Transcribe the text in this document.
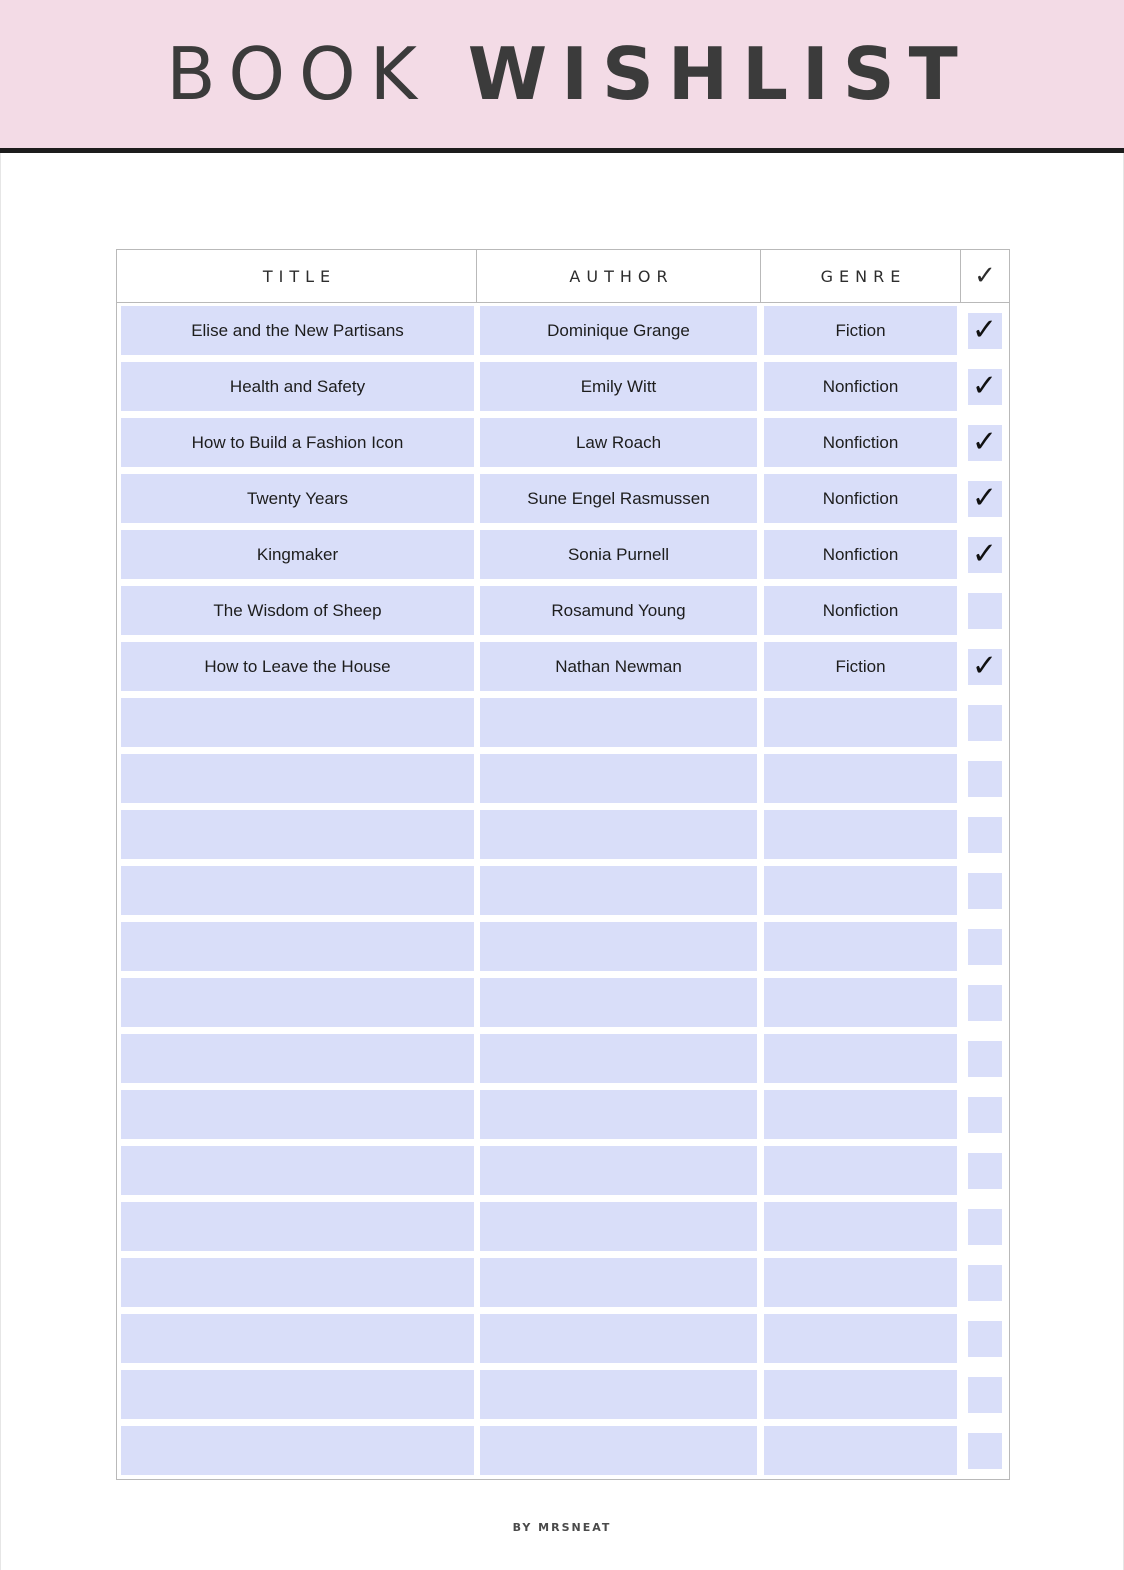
BOOK WISHLIST
TITLE	AUTHOR	GENRE	✓

Elise and the New Partisans	Dominique Grange	Fiction	✓

Health and Safety	Emily Witt	Nonfiction	✓

How to Build a Fashion Icon	Law Roach	Nonfiction	✓

Twenty Years	Sune Engel Rasmussen	Nonfiction	✓

Kingmaker	Sonia Purnell	Nonfiction	✓

The Wisdom of Sheep	Rosamund Young	Nonfiction	

How to Leave the House	Nathan Newman	Fiction	✓

BY MRSNEAT
